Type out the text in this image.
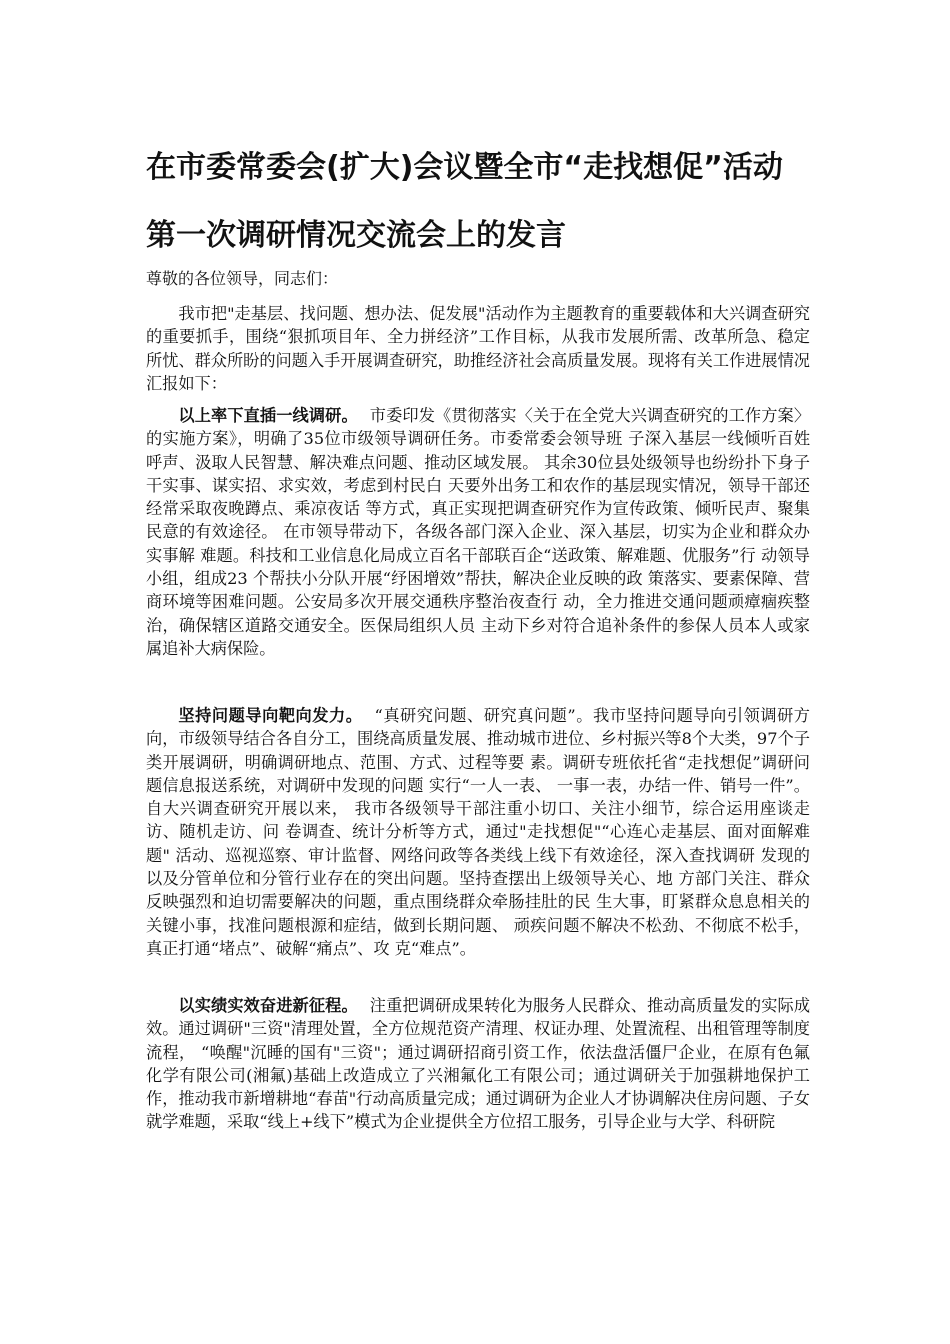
在市委常委会(扩大)会议暨全市“走找想促”活动
第一次调研情况交流会上的发言

尊敬的各位领导，同志们：

我市把"走基层、找问题、想办法、促发展"活动作为主题教育的重要载体和大兴调查研究的重要抓手，围绕“狠抓项目年、全力拼经济”工作目标，从我市发展所需、改革所急、稳定所忧、群众所盼的问题入手开展调查研究，助推经济社会高质量发展。现将有关工作进展情况汇报如下：

以上率下直插一线调研。 市委印发《贯彻落实〈关于在全党大兴调查研究的工作方案〉的实施方案》，明确了35位市级领导调研任务。市委常委会领导班 子深入基层一线倾听百姓呼声、汲取人民智慧、解决难点问题、推动区域发展。 其余30位县处级领导也纷纷扑下身子干实事、谋实招、求实效，考虑到村民白 天要外出务工和农作的基层现实情况，领导干部还经常采取夜晚蹲点、乘凉夜话 等方式，真正实现把调查研究作为宣传政策、倾听民声、聚集民意的有效途径。 在市领导带动下，各级各部门深入企业、深入基层，切实为企业和群众办实事解 难题。科技和工业信息化局成立百名干部联百企“送政策、解难题、优服务”行 动领导小组，组成23 个帮扶小分队开展“纾困增效”帮扶，解决企业反映的政 策落实、要素保障、营商环境等困难问题。公安局多次开展交通秩序整治夜查行 动，全力推进交通问题顽瘴痼疾整治，确保辖区道路交通安全。医保局组织人员 主动下乡对符合追补条件的参保人员本人或家属追补大病保险。

坚持问题导向靶向发力。 “真研究问题、研究真问题”。我市坚持问题导向引领调研方向，市级领导结合各自分工，围绕高质量发展、推动城市进位、乡村振兴等8个大类，97个子类开展调研，明确调研地点、范围、方式、过程等要 素。调研专班依托省“走找想促”调研问题信息报送系统，对调研中发现的问题 实行“一人一表、 一事一表，办结一件、销号一件”。自大兴调查研究开展以来， 我市各级领导干部注重小切口、关注小细节，综合运用座谈走访、随机走访、问 卷调查、统计分析等方式，通过"走找想促"“心连心走基层、面对面解难题" 活动、巡视巡察、审计监督、网络问政等各类线上线下有效途径，深入查找调研 发现的以及分管单位和分管行业存在的突出问题。坚持查摆出上级领导关心、地 方部门关注、群众反映强烈和迫切需要解决的问题，重点围绕群众牵肠挂肚的民 生大事，盯紧群众息息相关的关键小事，找准问题根源和症结，做到长期问题、 顽疾问题不解决不松劲、不彻底不松手，真正打通“堵点”、破解“痛点”、攻 克“难点”。

以实绩实效奋进新征程。 注重把调研成果转化为服务人民群众、推动高质量发的实际成效。通过调研"三资"清理处置，全方位规范资产清理、权证办理、处置流程、出租管理等制度流程， “唤醒"沉睡的国有"三资"；通过调研招商引资工作，依法盘活僵尸企业，在原有色氟化学有限公司(湘氟)基础上改造成立了兴湘氟化工有限公司；通过调研关于加强耕地保护工作，推动我市新增耕地“春苗"行动高质量完成；通过调研为企业人才协调解决住房问题、子女就学难题，采取“线上+线下”模式为企业提供全方位招工服务，引导企业与大学、科研院
